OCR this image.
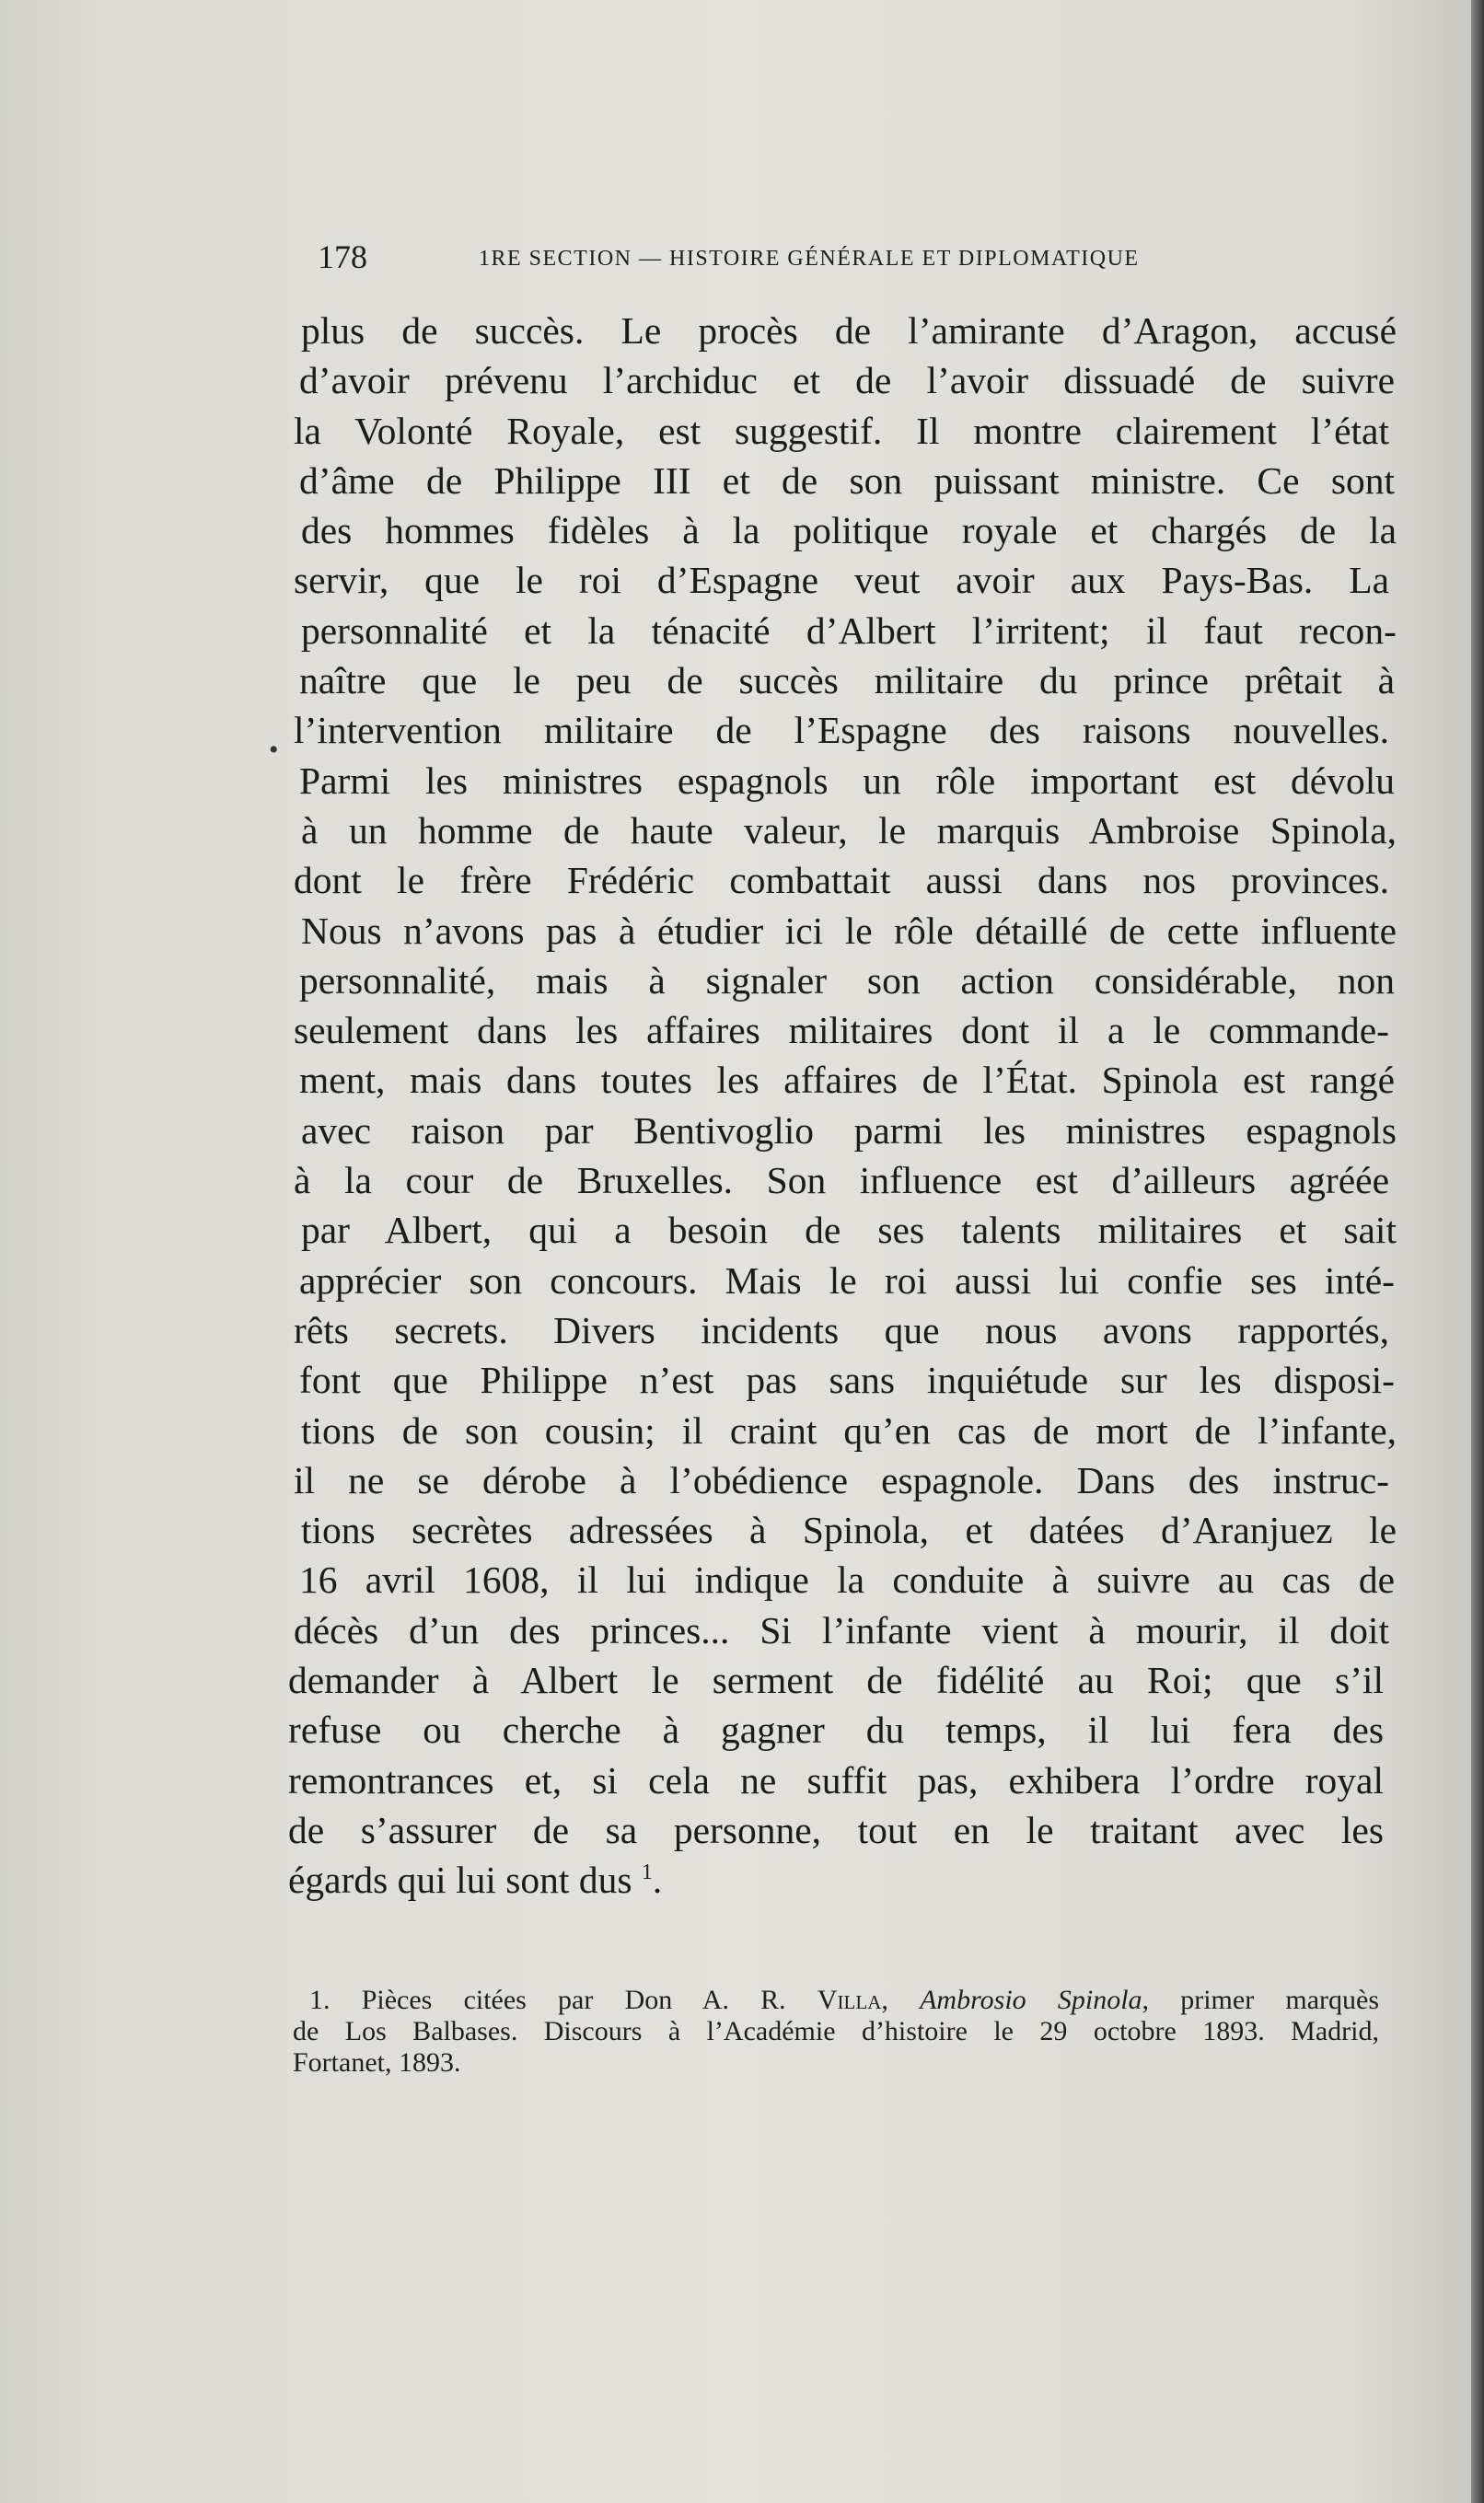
178	1RE SECTION — HISTOIRE GÉNÉRALE ET DIPLOMATIQUE
•
plus de succès. Le procès de l’amirante d’Aragon, accusé
d’avoir prévenu l’archiduc et de l’avoir dissuadé de suivre
la Volonté Royale, est suggestif. Il montre clairement l’état
d’âme de Philippe III et de son puissant ministre. Ce sont
des hommes fidèles à la politique royale et chargés de la
servir, que le roi d’Espagne veut avoir aux Pays-Bas. La
personnalité et la ténacité d’Albert l’irritent; il faut recon-
naître que le peu de succès militaire du prince prêtait à
l’intervention militaire de l’Espagne des raisons nouvelles.
Parmi les ministres espagnols un rôle important est dévolu
à un homme de haute valeur, le marquis Ambroise Spinola,
dont le frère Frédéric combattait aussi dans nos provinces.
Nous n’avons pas à étudier ici le rôle détaillé de cette influente
personnalité, mais à signaler son action considérable, non
seulement dans les affaires militaires dont il a le commande-
ment, mais dans toutes les affaires de l’État. Spinola est rangé
avec raison par Bentivoglio parmi les ministres espagnols
à la cour de Bruxelles. Son influence est d’ailleurs agréée
par Albert, qui a besoin de ses talents militaires et sait
apprécier son concours. Mais le roi aussi lui confie ses inté-
rêts secrets. Divers incidents que nous avons rapportés,
font que Philippe n’est pas sans inquiétude sur les disposi-
tions de son cousin; il craint qu’en cas de mort de l’infante,
il ne se dérobe à l’obédience espagnole. Dans des instruc-
tions secrètes adressées à Spinola, et datées d’Aranjuez le
16 avril 1608, il lui indique la conduite à suivre au cas de
décès d’un des princes... Si l’infante vient à mourir, il doit
demander à Albert le serment de fidélité au Roi; que s’il
refuse ou cherche à gagner du temps, il lui fera des
remontrances et, si cela ne suffit pas, exhibera l’ordre royal
de s’assurer de sa personne, tout en le traitant avec les
égards qui lui sont dus $^1$.
1. Pièces citées par Don A. R. Villa, Ambrosio Spinola, primer marquès
de Los Balbases. Discours à l’Académie d’histoire le 29 octobre 1893. Madrid,
Fortanet, 1893.
